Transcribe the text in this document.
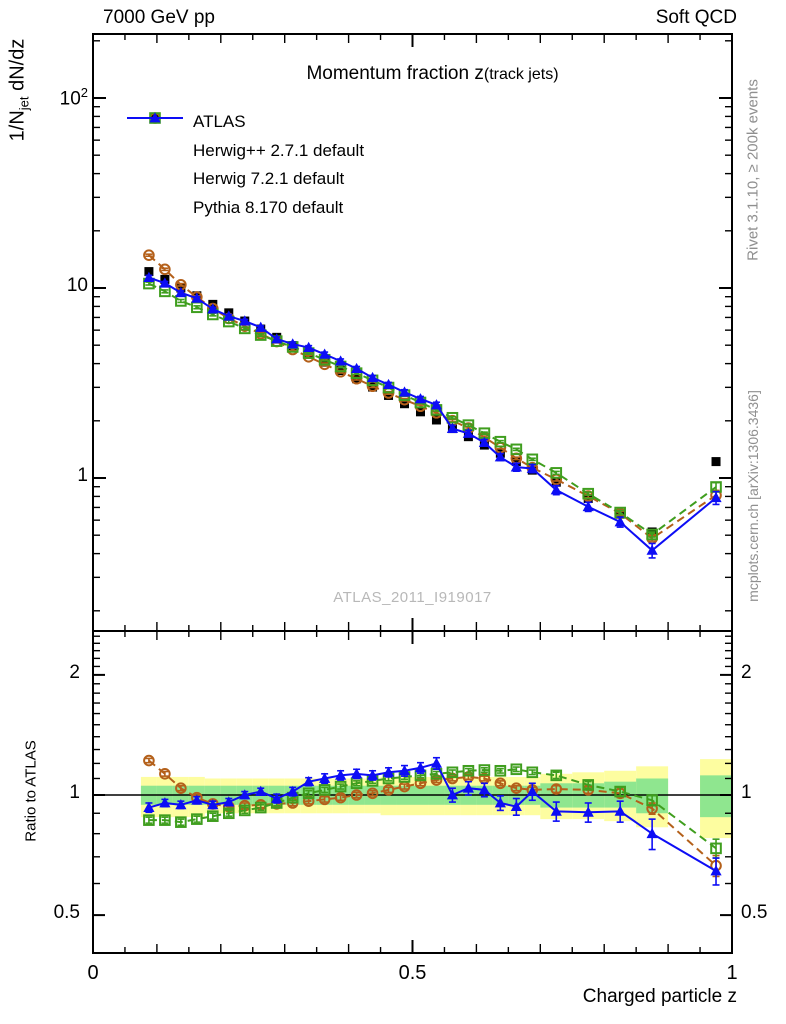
7000 GeV pp	Soft QCD
Momentum fraction z(track jets)
$1/N_{jet}$ dN/dz
Ratio to ATLAS
Charged particle z
Rivet 3.1.10, ≥ 200k events
mcplots.cern.ch [arXiv:1306.3436]
ATLAS_2011_I919017
ATLAS
Herwig++ 2.7.1 default
Herwig 7.2.1 default
Pythia 8.170 default
1
10
$10^2$
0.5	0.5
1	1
2	2
0	0.5	1
